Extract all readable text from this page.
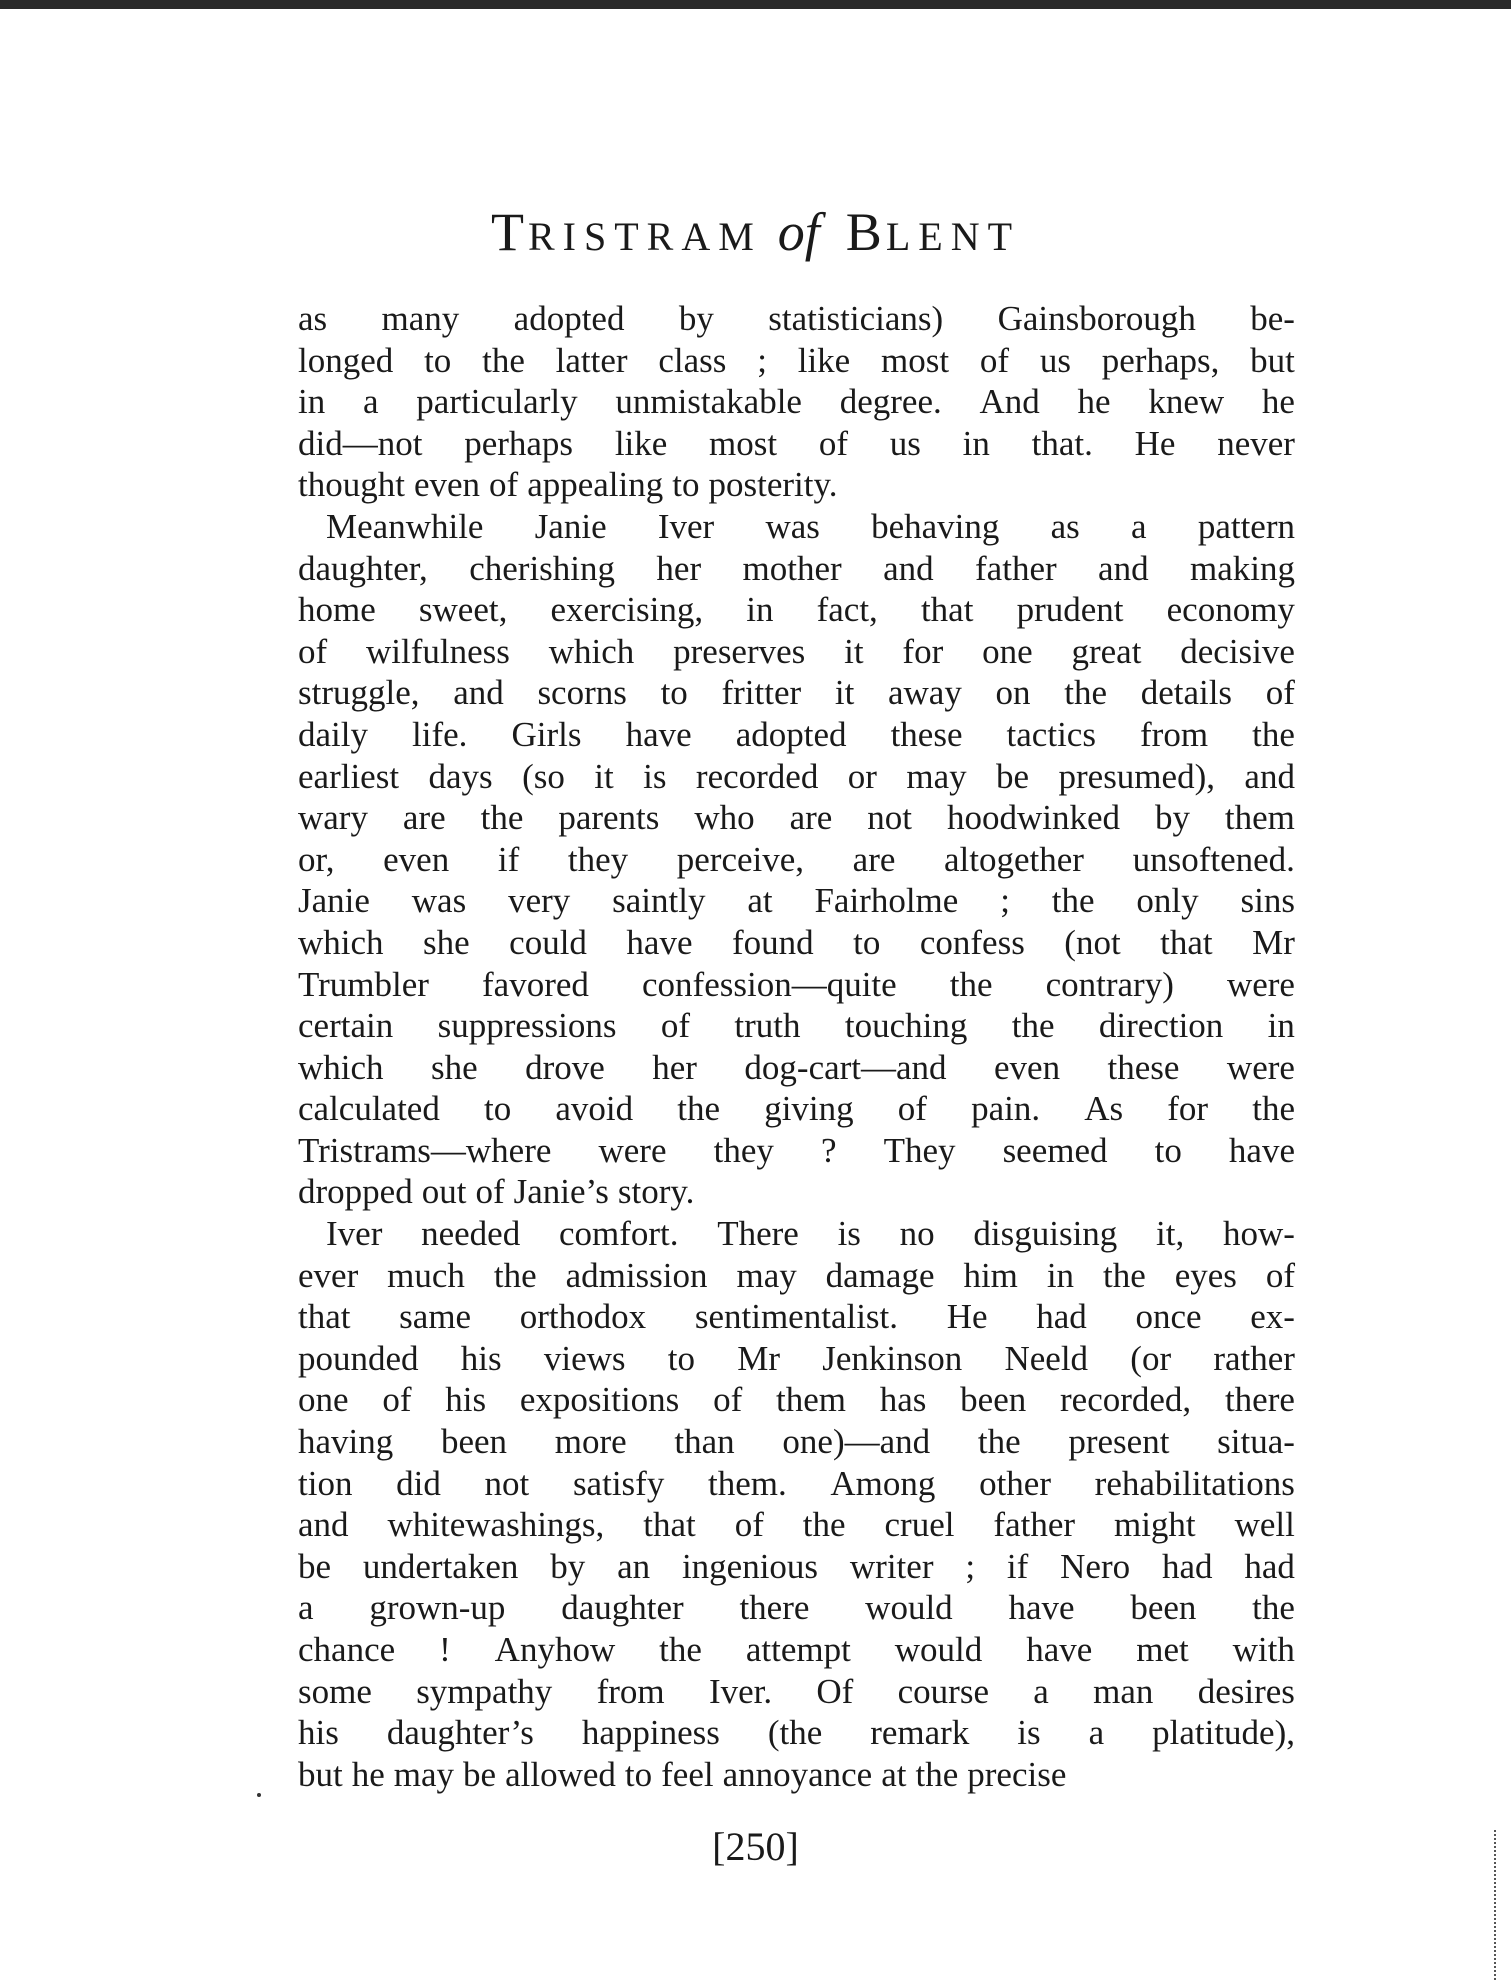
TRISTRAM of BLENT
as many adopted by statisticians) Gainsborough be-
longed to the latter class ; like most of us perhaps, but
in a particularly unmistakable degree. And he knew he
did—not perhaps like most of us in that. He never
thought even of appealing to posterity.
Meanwhile Janie Iver was behaving as a pattern
daughter, cherishing her mother and father and making
home sweet, exercising, in fact, that prudent economy
of wilfulness which preserves it for one great decisive
struggle, and scorns to fritter it away on the details of
daily life. Girls have adopted these tactics from the
earliest days (so it is recorded or may be presumed), and
wary are the parents who are not hoodwinked by them
or, even if they perceive, are altogether unsoftened.
Janie was very saintly at Fairholme ; the only sins
which she could have found to confess (not that Mr
Trumbler favored confession—quite the contrary) were
certain suppressions of truth touching the direction in
which she drove her dog-cart—and even these were
calculated to avoid the giving of pain. As for the
Tristrams—where were they ? They seemed to have
dropped out of Janie’s story.
Iver needed comfort. There is no disguising it, how-
ever much the admission may damage him in the eyes of
that same orthodox sentimentalist. He had once ex-
pounded his views to Mr Jenkinson Neeld (or rather
one of his expositions of them has been recorded, there
having been more than one)—and the present situa-
tion did not satisfy them. Among other rehabilitations
and whitewashings, that of the cruel father might well
be undertaken by an ingenious writer ; if Nero had had
a grown-up daughter there would have been the
chance ! Anyhow the attempt would have met with
some sympathy from Iver. Of course a man desires
his daughter’s happiness (the remark is a platitude),
but he may be allowed to feel annoyance at the precise
[250]
